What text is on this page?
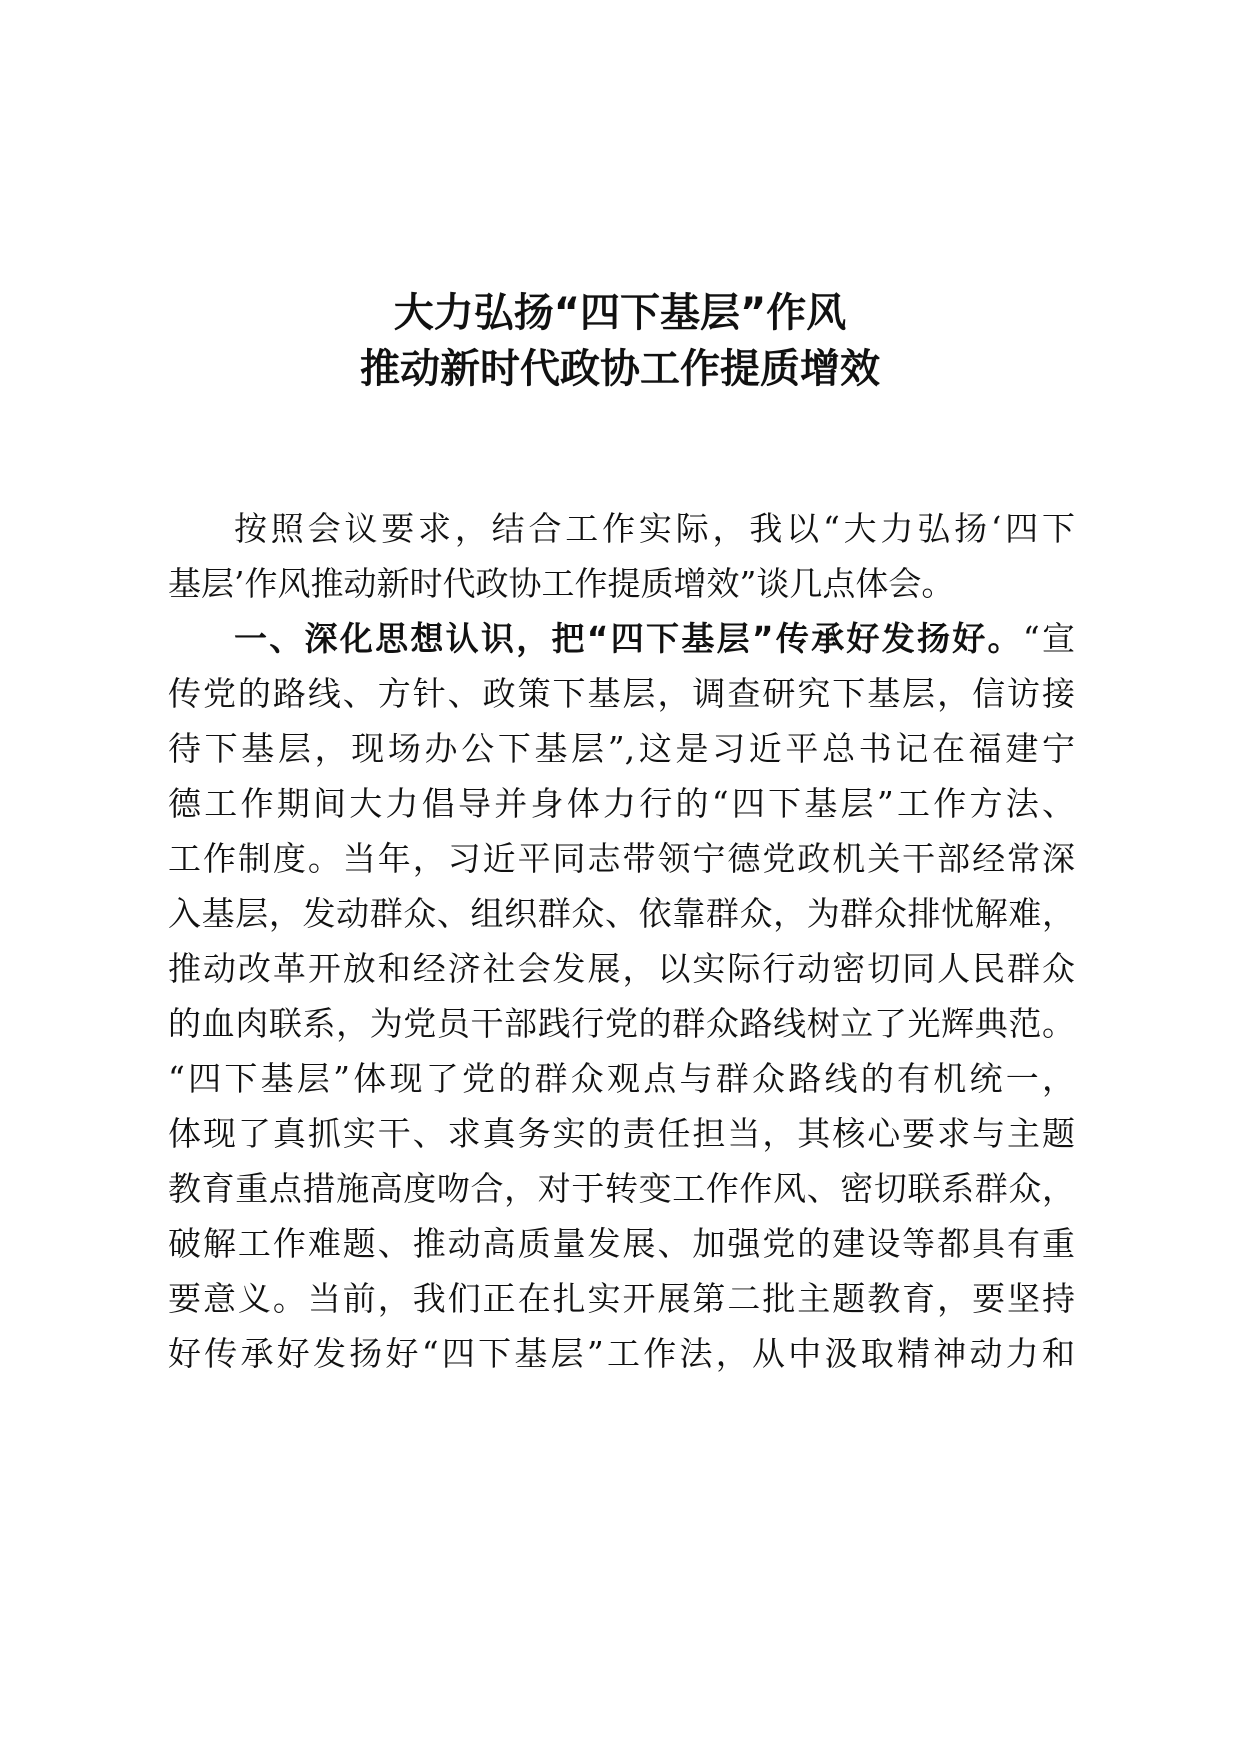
大力弘扬“四下基层”作风
推动新时代政协工作提质增效
按照会议要求，结合工作实际，我以“大力弘扬‘四下
基层’作风推动新时代政协工作提质增效”谈几点体会。
一、深化思想认识，把“四下基层”传承好发扬好。“宣
传党的路线、方针、政策下基层，调查研究下基层，信访接
待下基层，现场办公下基层”,这是习近平总书记在福建宁
德工作期间大力倡导并身体力行的“四下基层”工作方法、
工作制度。当年，习近平同志带领宁德党政机关干部经常深
入基层，发动群众、组织群众、依靠群众，为群众排忧解难，
推动改革开放和经济社会发展，以实际行动密切同人民群众
的血肉联系，为党员干部践行党的群众路线树立了光辉典范。
“四下基层”体现了党的群众观点与群众路线的有机统一，
体现了真抓实干、求真务实的责任担当，其核心要求与主题
教育重点措施高度吻合，对于转变工作作风、密切联系群众，
破解工作难题、推动高质量发展、加强党的建设等都具有重
要意义。当前，我们正在扎实开展第二批主题教育，要坚持
好传承好发扬好“四下基层”工作法，从中汲取精神动力和
